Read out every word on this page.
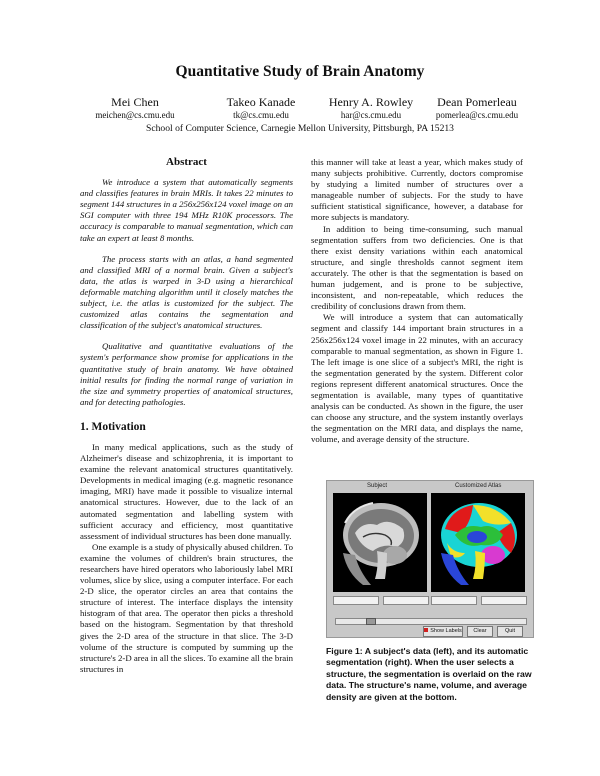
Quantitative Study of Brain Anatomy
Mei Chen
meichen@cs.cmu.edu
Takeo Kanade
tk@cs.cmu.edu
Henry A. Rowley
har@cs.cmu.edu
Dean Pomerleau
pomerlea@cs.cmu.edu
School of Computer Science, Carnegie Mellon University, Pittsburgh, PA 15213
Abstract

We introduce a system that automatically segments and classifies features in brain MRIs. It takes 22 minutes to segment 144 structures in a 256x256x124 voxel image on an SGI computer with three 194 MHz R10K processors. The accuracy is comparable to manual segmentation, which can take an expert at least 8 months.

The process starts with an atlas, a hand segmented and classified MRI of a normal brain. Given a subject's data, the atlas is warped in 3-D using a hierarchical deformable matching algorithm until it closely matches the subject, i.e. the atlas is customized for the subject. The customized atlas contains the segmentation and classification of the subject's anatomical structures.

Qualitative and quantitative evaluations of the system's performance show promise for applications in the quantitative study of brain anatomy. We have obtained initial results for finding the normal range of variation in the size and symmetry properties of anatomical structures, and for detecting pathologies.

1. Motivation

In many medical applications, such as the study of Alzheimer's disease and schizophrenia, it is important to examine the relevant anatomical structures quantitatively. Developments in medical imaging (e.g. magnetic resonance imaging, MRI) have made it possible to visualize internal anatomical structures. However, due to the lack of an automated segmentation and labelling system with sufficient accuracy and efficiency, most quantitative assessment of individual structures has been done manually.

One example is a study of physically abused children. To examine the volumes of children's brain structures, the researchers have hired operators who laboriously label MRI volumes, slice by slice, using a computer interface. For each 2-D slice, the operator circles an area that contains the structure of interest. The interface displays the intensity histogram of that area. The operator then picks a threshold based on the histogram. Segmentation by that threshold gives the 2-D area of the structure in that slice. The 3-D volume of the structure is computed by summing up the structure's 2-D area in all the slices. To examine all the brain structures in

this manner will take at least a year, which makes study of many subjects prohibitive. Currently, doctors compromise by studying a limited number of structures over a manageable number of subjects. For the study to have sufficient statistical significance, however, a database for more subjects is mandatory.

In addition to being time-consuming, such manual segmentation suffers from two deficiencies. One is that there exist density variations within each anatomical structure, and single thresholds cannot segment item accurately. The other is that the segmentation is based on human judgement, and is prone to be subjective, inconsistent, and non-repeatable, which reduces the credibility of conclusions drawn from them.

We will introduce a system that can automatically segment and classify 144 important brain structures in a 256x256x124 voxel image in 22 minutes, with an accuracy comparable to manual segmentation, as shown in Figure 1. The left image is one slice of a subject's MRI, the right is the segmentation generated by the system. Different color regions represent different anatomical structures. Once the segmentation is available, many types of quantitative analysis can be conducted. As shown in the figure, the user can choose any structure, and the system instantly overlays the segmentation on the MRI data, and displays the name, volume, and average density of the structure.

Subject	Customized Atlas
Show Labels	Clear	Quit
Figure 1: A subject's data (left), and its automatic segmentation (right). When the user selects a structure, the segmentation is overlaid on the raw data. The structure's name, volume, and average density are given at the bottom.
